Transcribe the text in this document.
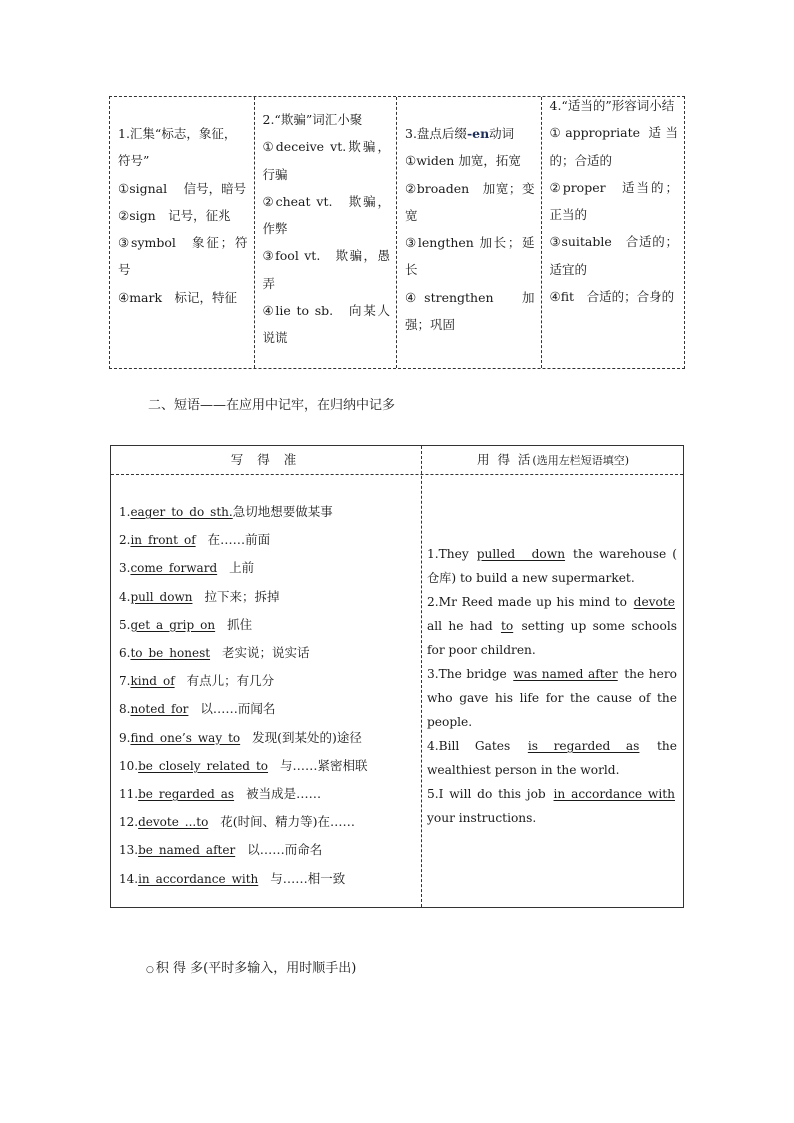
1.汇集“标志，象征，符号”
①signal　 信号，暗号
②sign　记号，征兆
③symbol　象征；符号
④mark　标记，特征
2.“欺骗”词汇小聚
①deceive vt.欺骗，行骗
②cheat vt.　欺骗，作弊
③fool vt.　欺骗，愚弄
④lie to sb.　向某人说谎
3.盘点后缀-en动词
①widen 加宽，拓宽
②broaden　加宽；变宽
③lengthen 加长；延长
④strengthen　加强；巩固
4.“适当的”形容词小结
①appropriate 适当的；合适的
②proper　适当的；正当的
③suitable　合适的；适宜的
④fit　合适的；合身的
二、短语——在应用中记牢，在归纳中记多
写 得 准	用 得 活(选用左栏短语填空)
1.eager_to_do_sth.急切地想要做某事
2.in_front_of 在……前面
3.come_forward 上前
4.pull_down 拉下来；拆掉
5.get_a_grip_on 抓住
6.to_be_honest 老实说；说实话
7.kind_of 有点儿；有几分
8.noted_for 以……而闻名
9.find_one’s_way_to 发现(到某处的)途径
10.be_closely_related_to 与……紧密相联
11.be_regarded_as 被当成是……
12.devote_...to 花(时间、精力等)在……
13.be_named_after 以……而命名
14.in_accordance_with 与……相一致

1.They pulled　down the warehouse ( 仓库) to build a new supermarket.

2.Mr Reed made up his mind to devote all he had to setting up some schools for poor children.

3.The bridge was named after the hero who gave his life for the cause of the people.

4.Bill Gates is regarded as the wealthiest person in the world.

5.I will do this job in accordance with your instructions.

○ 积 得 多(平时多输入，用时顺手出)
